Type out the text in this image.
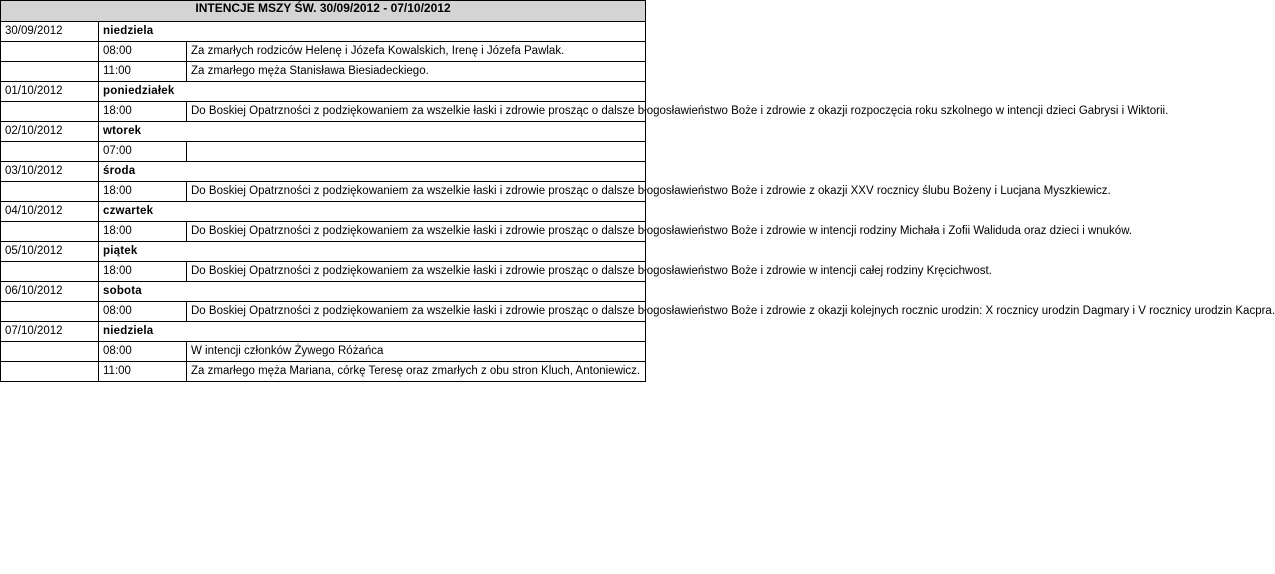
INTENCJE MSZY ŚW. 30/09/2012 - 07/10/2012		
30/09/2012	niedziela	
	08:00	Za zmarłych rodziców Helenę i Józefa Kowalskich, Irenę i Józefa Pawlak.
	11:00	Za zmarłego męża Stanisława Biesiadeckiego.
01/10/2012	poniedziałek	
	18:00	Do Boskiej Opatrzności z podziękowaniem za wszelkie łaski i zdrowie prosząc o dalsze błogosławieństwo Boże i zdrowie z okazji rozpoczęcia roku szkolnego w intencji dzieci Gabrysi i Wiktorii.
02/10/2012	wtorek	
	07:00	
03/10/2012	środa	
	18:00	Do Boskiej Opatrzności z podziękowaniem za wszelkie łaski i zdrowie prosząc o dalsze błogosławieństwo Boże i zdrowie z okazji XXV rocznicy ślubu Bożeny i Lucjana Myszkiewicz.
04/10/2012	czwartek	
	18:00	Do Boskiej Opatrzności z podziękowaniem za wszelkie łaski i zdrowie prosząc o dalsze błogosławieństwo Boże i zdrowie w intencji rodziny Michała i Zofii Waliduda oraz dzieci i wnuków.
05/10/2012	piątek	
	18:00	Do Boskiej Opatrzności z podziękowaniem za wszelkie łaski i zdrowie prosząc o dalsze błogosławieństwo Boże i zdrowie w intencji całej rodziny Kręcichwost.
06/10/2012	sobota	
	08:00	Do Boskiej Opatrzności z podziękowaniem za wszelkie łaski i zdrowie prosząc o dalsze błogosławieństwo Boże i zdrowie z okazji kolejnych rocznic urodzin: X rocznicy urodzin Dagmary i V rocznicy urodzin Kacpra.
07/10/2012	niedziela	
	08:00	W intencji członków Żywego Różańca
	11:00	Za zmarłego męża Mariana, córkę Teresę oraz zmarłych z obu stron Kluch, Antoniewicz.
